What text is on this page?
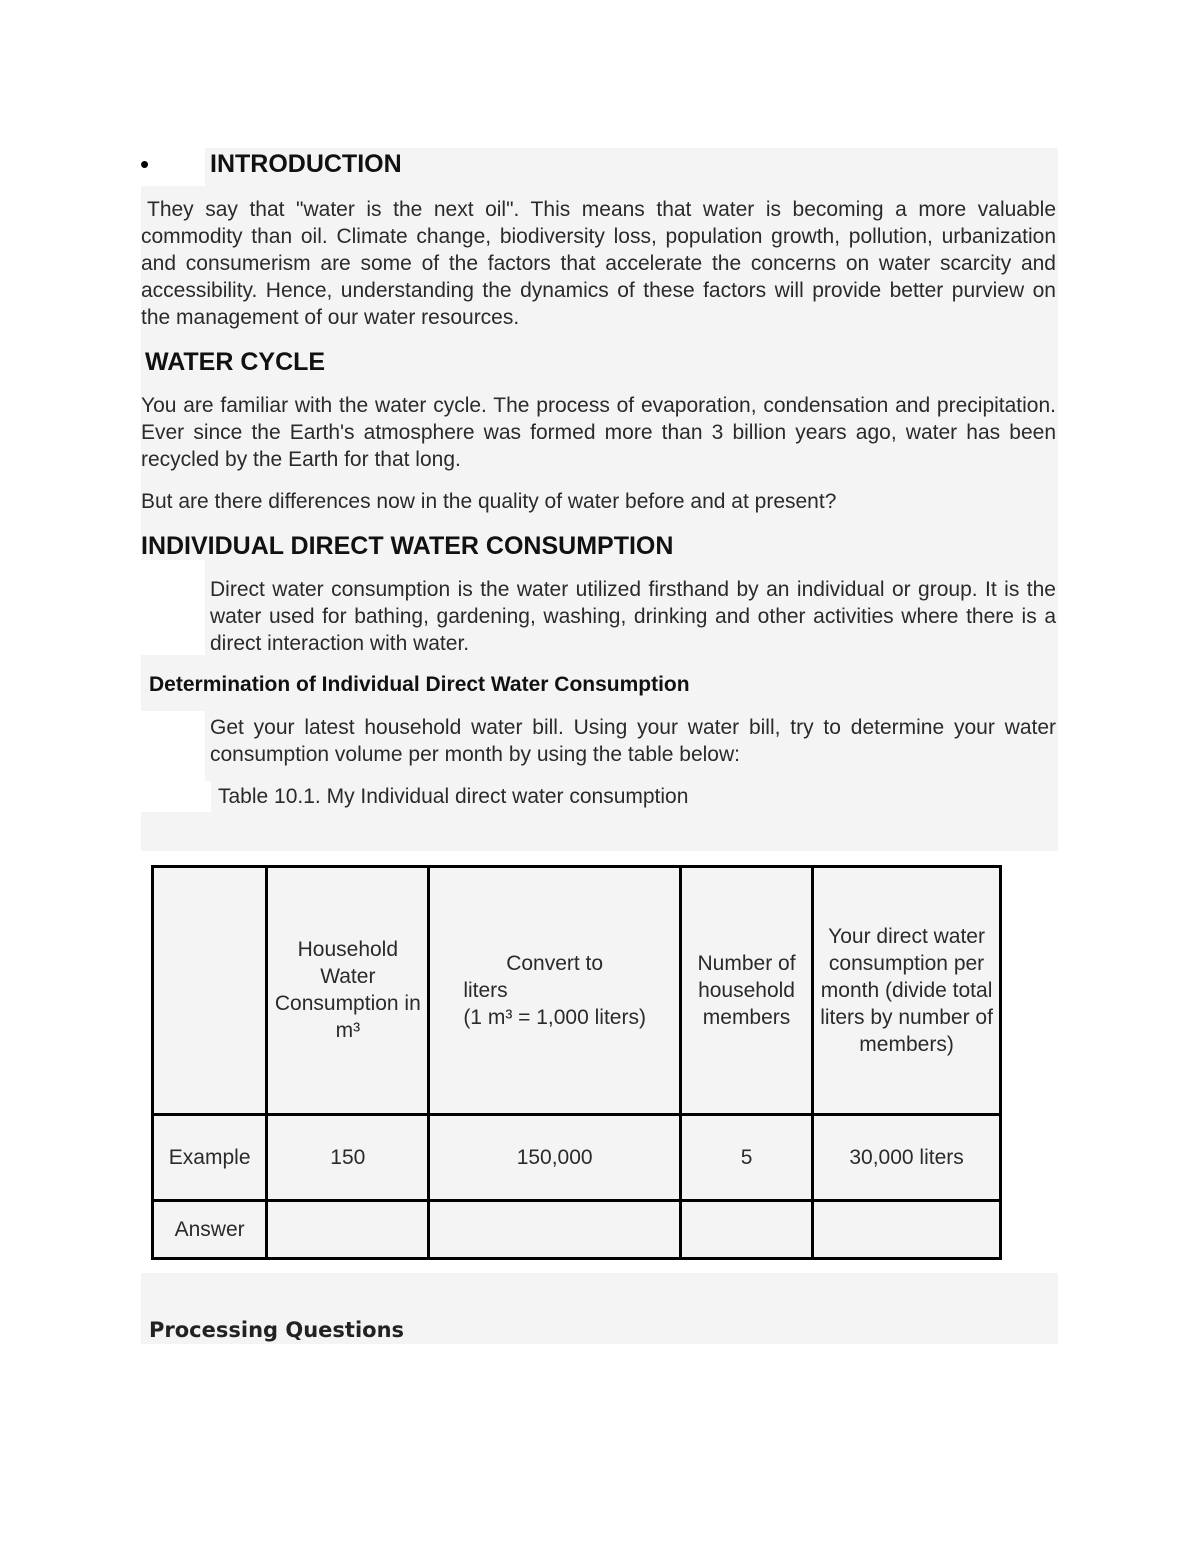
• INTRODUCTION

They say that "water is the next oil". This means that water is becoming a more valuable commodity than oil. Climate change, biodiversity loss, population growth, pollution, urbanization and consumerism are some of the factors that accelerate the concerns on water scarcity and accessibility. Hence, understanding the dynamics of these factors will provide better purview on the management of our water resources.

WATER CYCLE

You are familiar with the water cycle. The process of evaporation, condensation and precipitation. Ever since the Earth's atmosphere was formed more than 3 billion years ago, water has been recycled by the Earth for that long.

But are there differences now in the quality of water before and at present?

INDIVIDUAL DIRECT WATER CONSUMPTION

Direct water consumption is the water utilized firsthand by an individual or group. It is the water used for bathing, gardening, washing, drinking and other activities where there is a direct interaction with water.

Determination of Individual Direct Water Consumption

Get your latest household water bill. Using your water bill, try to determine your water consumption volume per month by using the table below:

Table 10.1. My Individual direct water consumption
	Household Water Consumption in m³	Convert to
liters
(1 m³ = 1,000 liters)	Number of household members	Your direct water consumption per month (divide total liters by number of members)
Example	150	150,000	5	30,000 liters
Answer				
Processing Questions
